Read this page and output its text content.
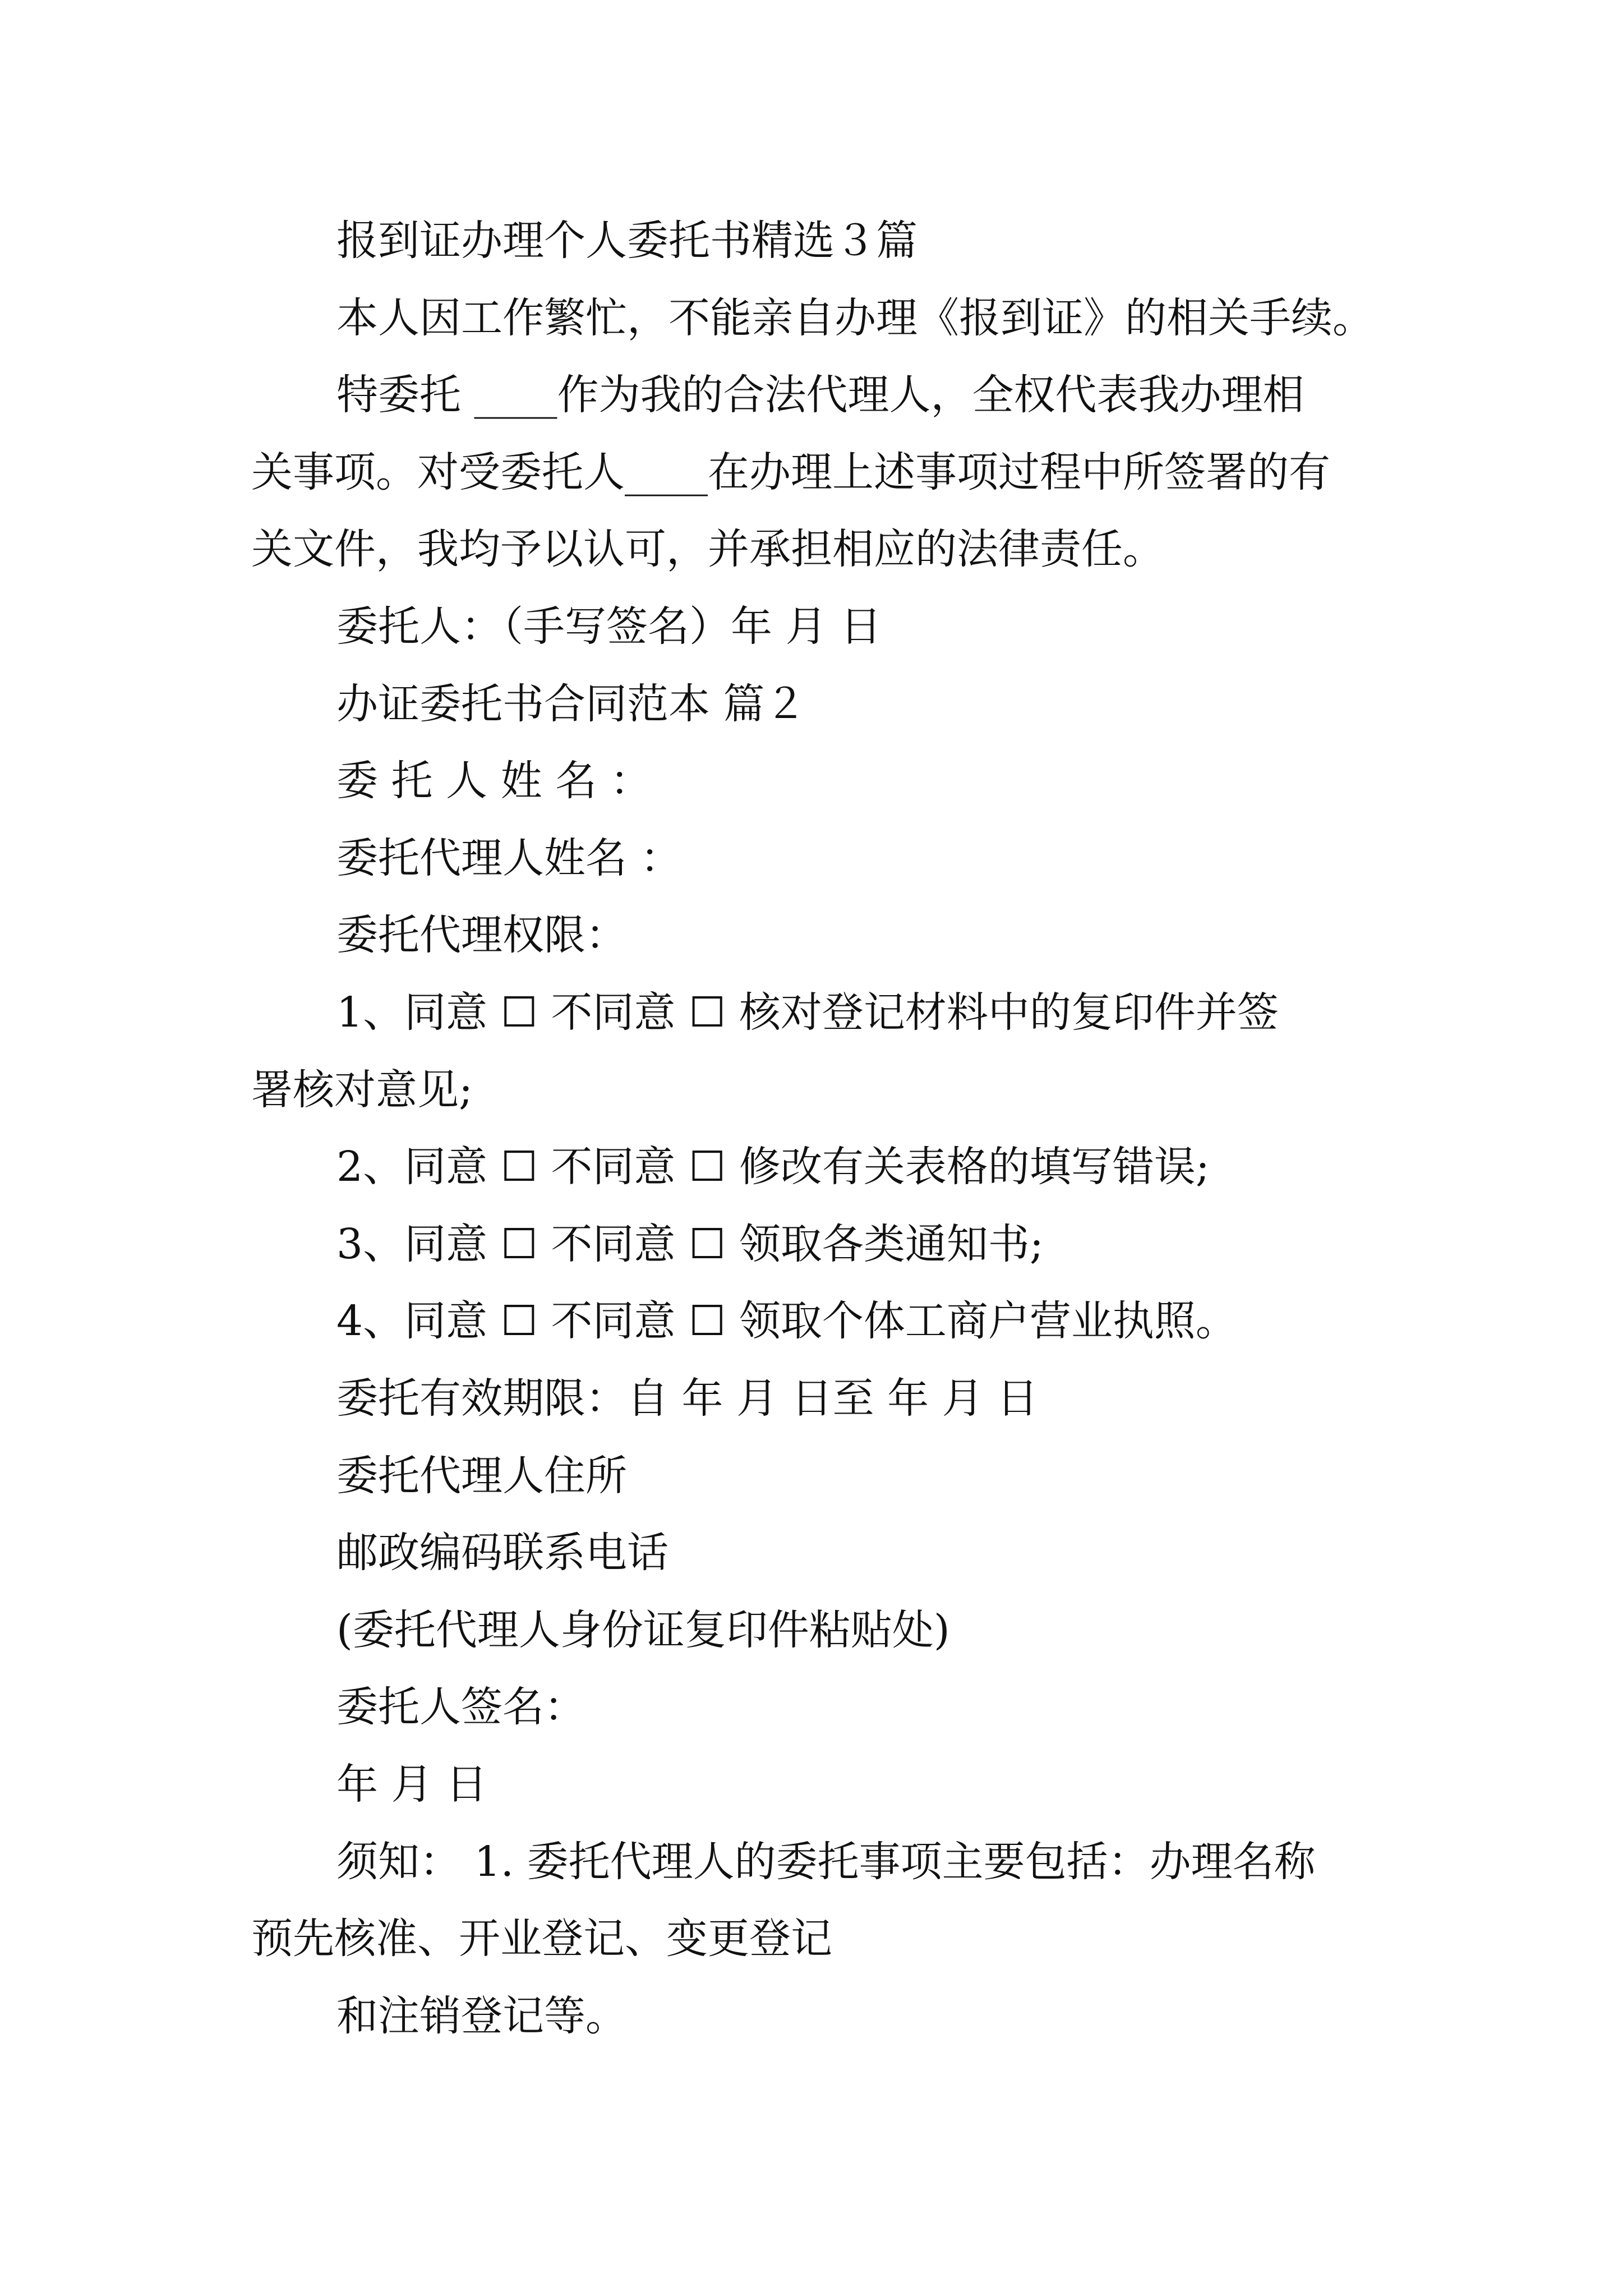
报到证办理个人委托书精选３篇
本人因工作繁忙，不能亲自办理《报到证》的相关手续。
特委托 ____作为我的合法代理人，全权代表我办理相
关事项。对受委托人____在办理上述事项过程中所签署的有
关文件，我均予以认可，并承担相应的法律责任。
委托人：（手写签名）年 月 日
办证委托书合同范本 篇２
委 托 人 姓 名 ：
委托代理人姓名 ：
委托代理权限：
1、同意 ☐ 不同意 ☐ 核对登记材料中的复印件并签
署核对意见;
2、同意 ☐ 不同意 ☐ 修改有关表格的填写错误;
3、同意 ☐ 不同意 ☐ 领取各类通知书;
4、同意 ☐ 不同意 ☐ 领取个体工商户营业执照。
委托有效期限：自 年 月 日至 年 月 日
委托代理人住所
邮政编码联系电话
(委托代理人身份证复印件粘贴处)
委托人签名：
年 月 日
须知： 1. 委托代理人的委托事项主要包括：办理名称
预先核准、开业登记、变更登记
和注销登记等。
